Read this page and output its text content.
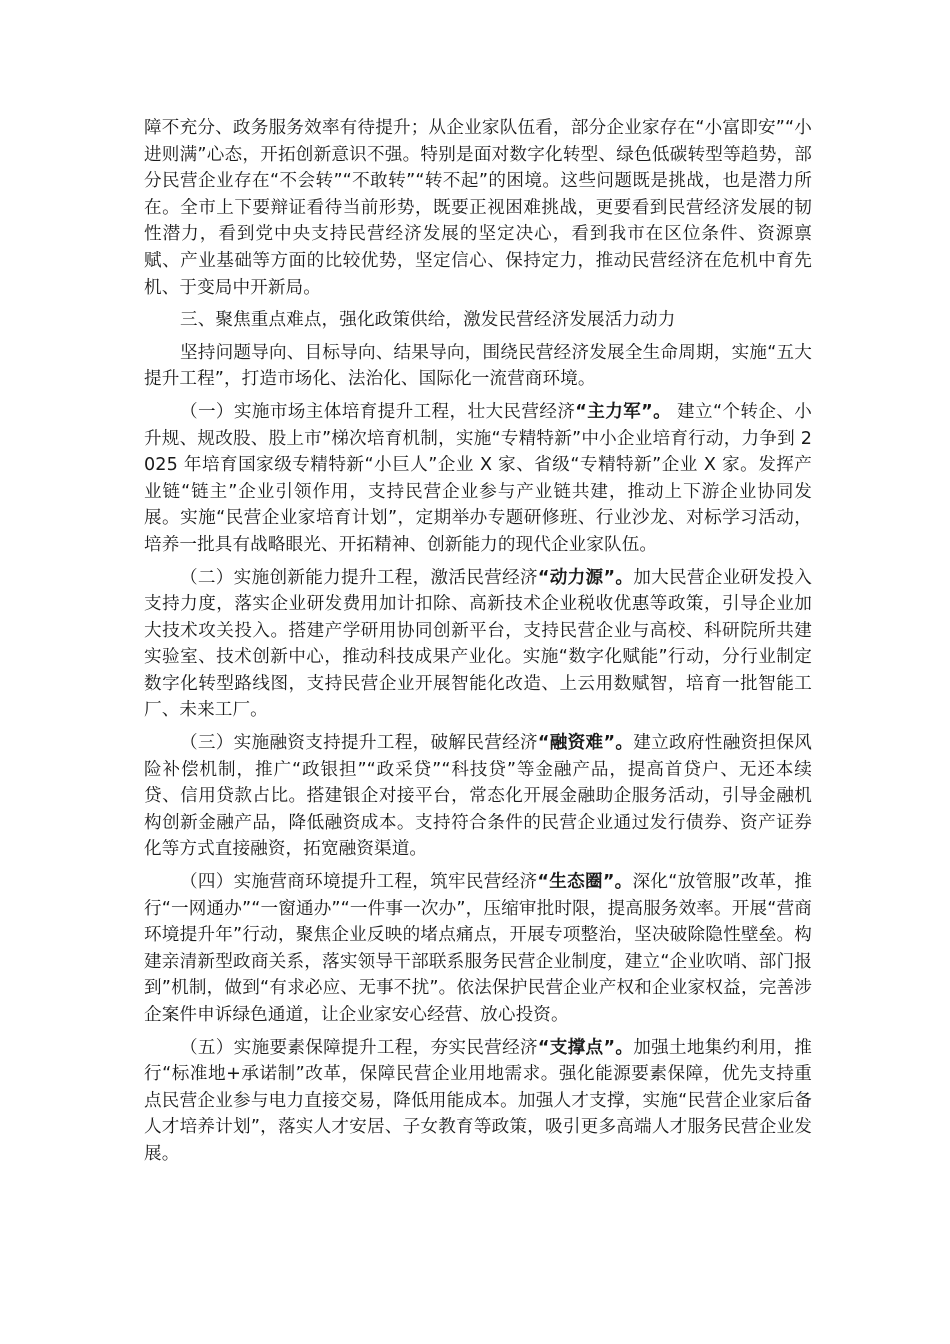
障不充分、政务服务效率有待提升；从企业家队伍看，部分企业家存在“小富即安”“小进则满”心态，开拓创新意识不强。特别是面对数字化转型、绿色低碳转型等趋势，部分民营企业存在“不会转”“不敢转”“转不起”的困境。这些问题既是挑战，也是潜力所在。全市上下要辩证看待当前形势，既要正视困难挑战，更要看到民营经济发展的韧性潜力，看到党中央支持民营经济发展的坚定决心，看到我市在区位条件、资源禀赋、产业基础等方面的比较优势，坚定信心、保持定力，推动民营经济在危机中育先机、于变局中开新局。

三、聚焦重点难点，强化政策供给，激发民营经济发展活力动力

坚持问题导向、目标导向、结果导向，围绕民营经济发展全生命周期，实施“五大提升工程”，打造市场化、法治化、国际化一流营商环境。

（一）实施市场主体培育提升工程，壮大民营经济“主力军”。 建立“个转企、小升规、规改股、股上市”梯次培育机制，实施“专精特新”中小企业培育行动，力争到 2025 年培育国家级专精特新“小巨人”企业 X 家、省级“专精特新”企业 X 家。发挥产业链“链主”企业引领作用，支持民营企业参与产业链共建，推动上下游企业协同发展。实施“民营企业家培育计划”，定期举办专题研修班、行业沙龙、对标学习活动，培养一批具有战略眼光、开拓精神、创新能力的现代企业家队伍。

（二）实施创新能力提升工程，激活民营经济“动力源”。加大民营企业研发投入支持力度，落实企业研发费用加计扣除、高新技术企业税收优惠等政策，引导企业加大技术攻关投入。搭建产学研用协同创新平台，支持民营企业与高校、科研院所共建实验室、技术创新中心，推动科技成果产业化。实施“数字化赋能”行动，分行业制定数字化转型路线图，支持民营企业开展智能化改造、上云用数赋智，培育一批智能工厂、未来工厂。

（三）实施融资支持提升工程，破解民营经济“融资难”。建立政府性融资担保风险补偿机制，推广“政银担”“政采贷”“科技贷”等金融产品，提高首贷户、无还本续贷、信用贷款占比。搭建银企对接平台，常态化开展金融助企服务活动，引导金融机构创新金融产品，降低融资成本。支持符合条件的民营企业通过发行债券、资产证券化等方式直接融资，拓宽融资渠道。

（四）实施营商环境提升工程，筑牢民营经济“生态圈”。深化“放管服”改革，推行“一网通办”“一窗通办”“一件事一次办”，压缩审批时限，提高服务效率。开展“营商环境提升年”行动，聚焦企业反映的堵点痛点，开展专项整治，坚决破除隐性壁垒。构建亲清新型政商关系，落实领导干部联系服务民营企业制度，建立“企业吹哨、部门报到”机制，做到“有求必应、无事不扰”。依法保护民营企业产权和企业家权益，完善涉企案件申诉绿色通道，让企业家安心经营、放心投资。

（五）实施要素保障提升工程，夯实民营经济“支撑点”。加强土地集约利用，推行“标准地+承诺制”改革，保障民营企业用地需求。强化能源要素保障，优先支持重点民营企业参与电力直接交易，降低用能成本。加强人才支撑，实施“民营企业家后备人才培养计划”，落实人才安居、子女教育等政策，吸引更多高端人才服务民营企业发展。
